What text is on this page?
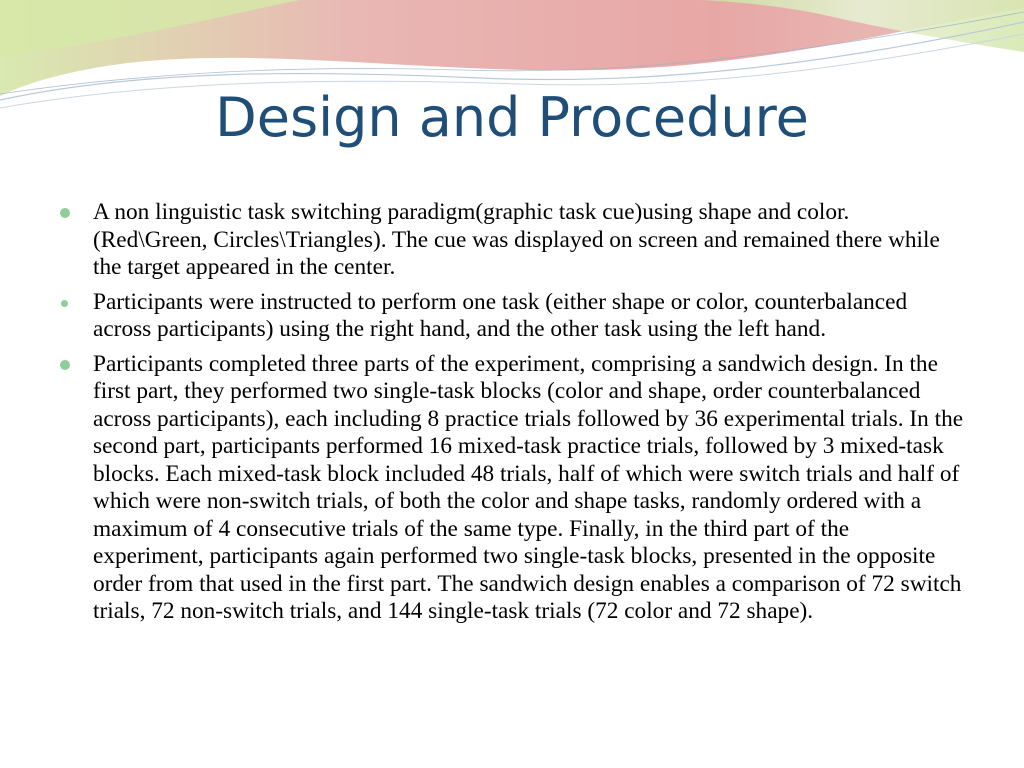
Design and Procedure
A non linguistic task switching paradigm(graphic task cue)using shape and color. (Red\Green, Circles\Triangles). The cue was displayed on screen and remained there while the target appeared in the center.
Participants were instructed to perform one task (either shape or color, counterbalanced across participants) using the right hand, and the other task using the left hand.
Participants completed three parts of the experiment, comprising a sandwich design. In the first part, they performed two single-task blocks (color and shape, order counterbalanced across participants), each including 8 practice trials followed by 36 experimental trials. In the second part, participants performed 16 mixed-task practice trials, followed by 3 mixed-task blocks. Each mixed-task block included 48 trials, half of which were switch trials and half of which were non-switch trials, of both the color and shape tasks, randomly ordered with a maximum of 4 consecutive trials of the same type. Finally, in the third part of the experiment, participants again performed two single-task blocks, presented in the opposite order from that used in the first part. The sandwich design enables a comparison of 72 switch trials, 72 non-switch trials, and 144 single-task trials (72 color and 72 shape).
